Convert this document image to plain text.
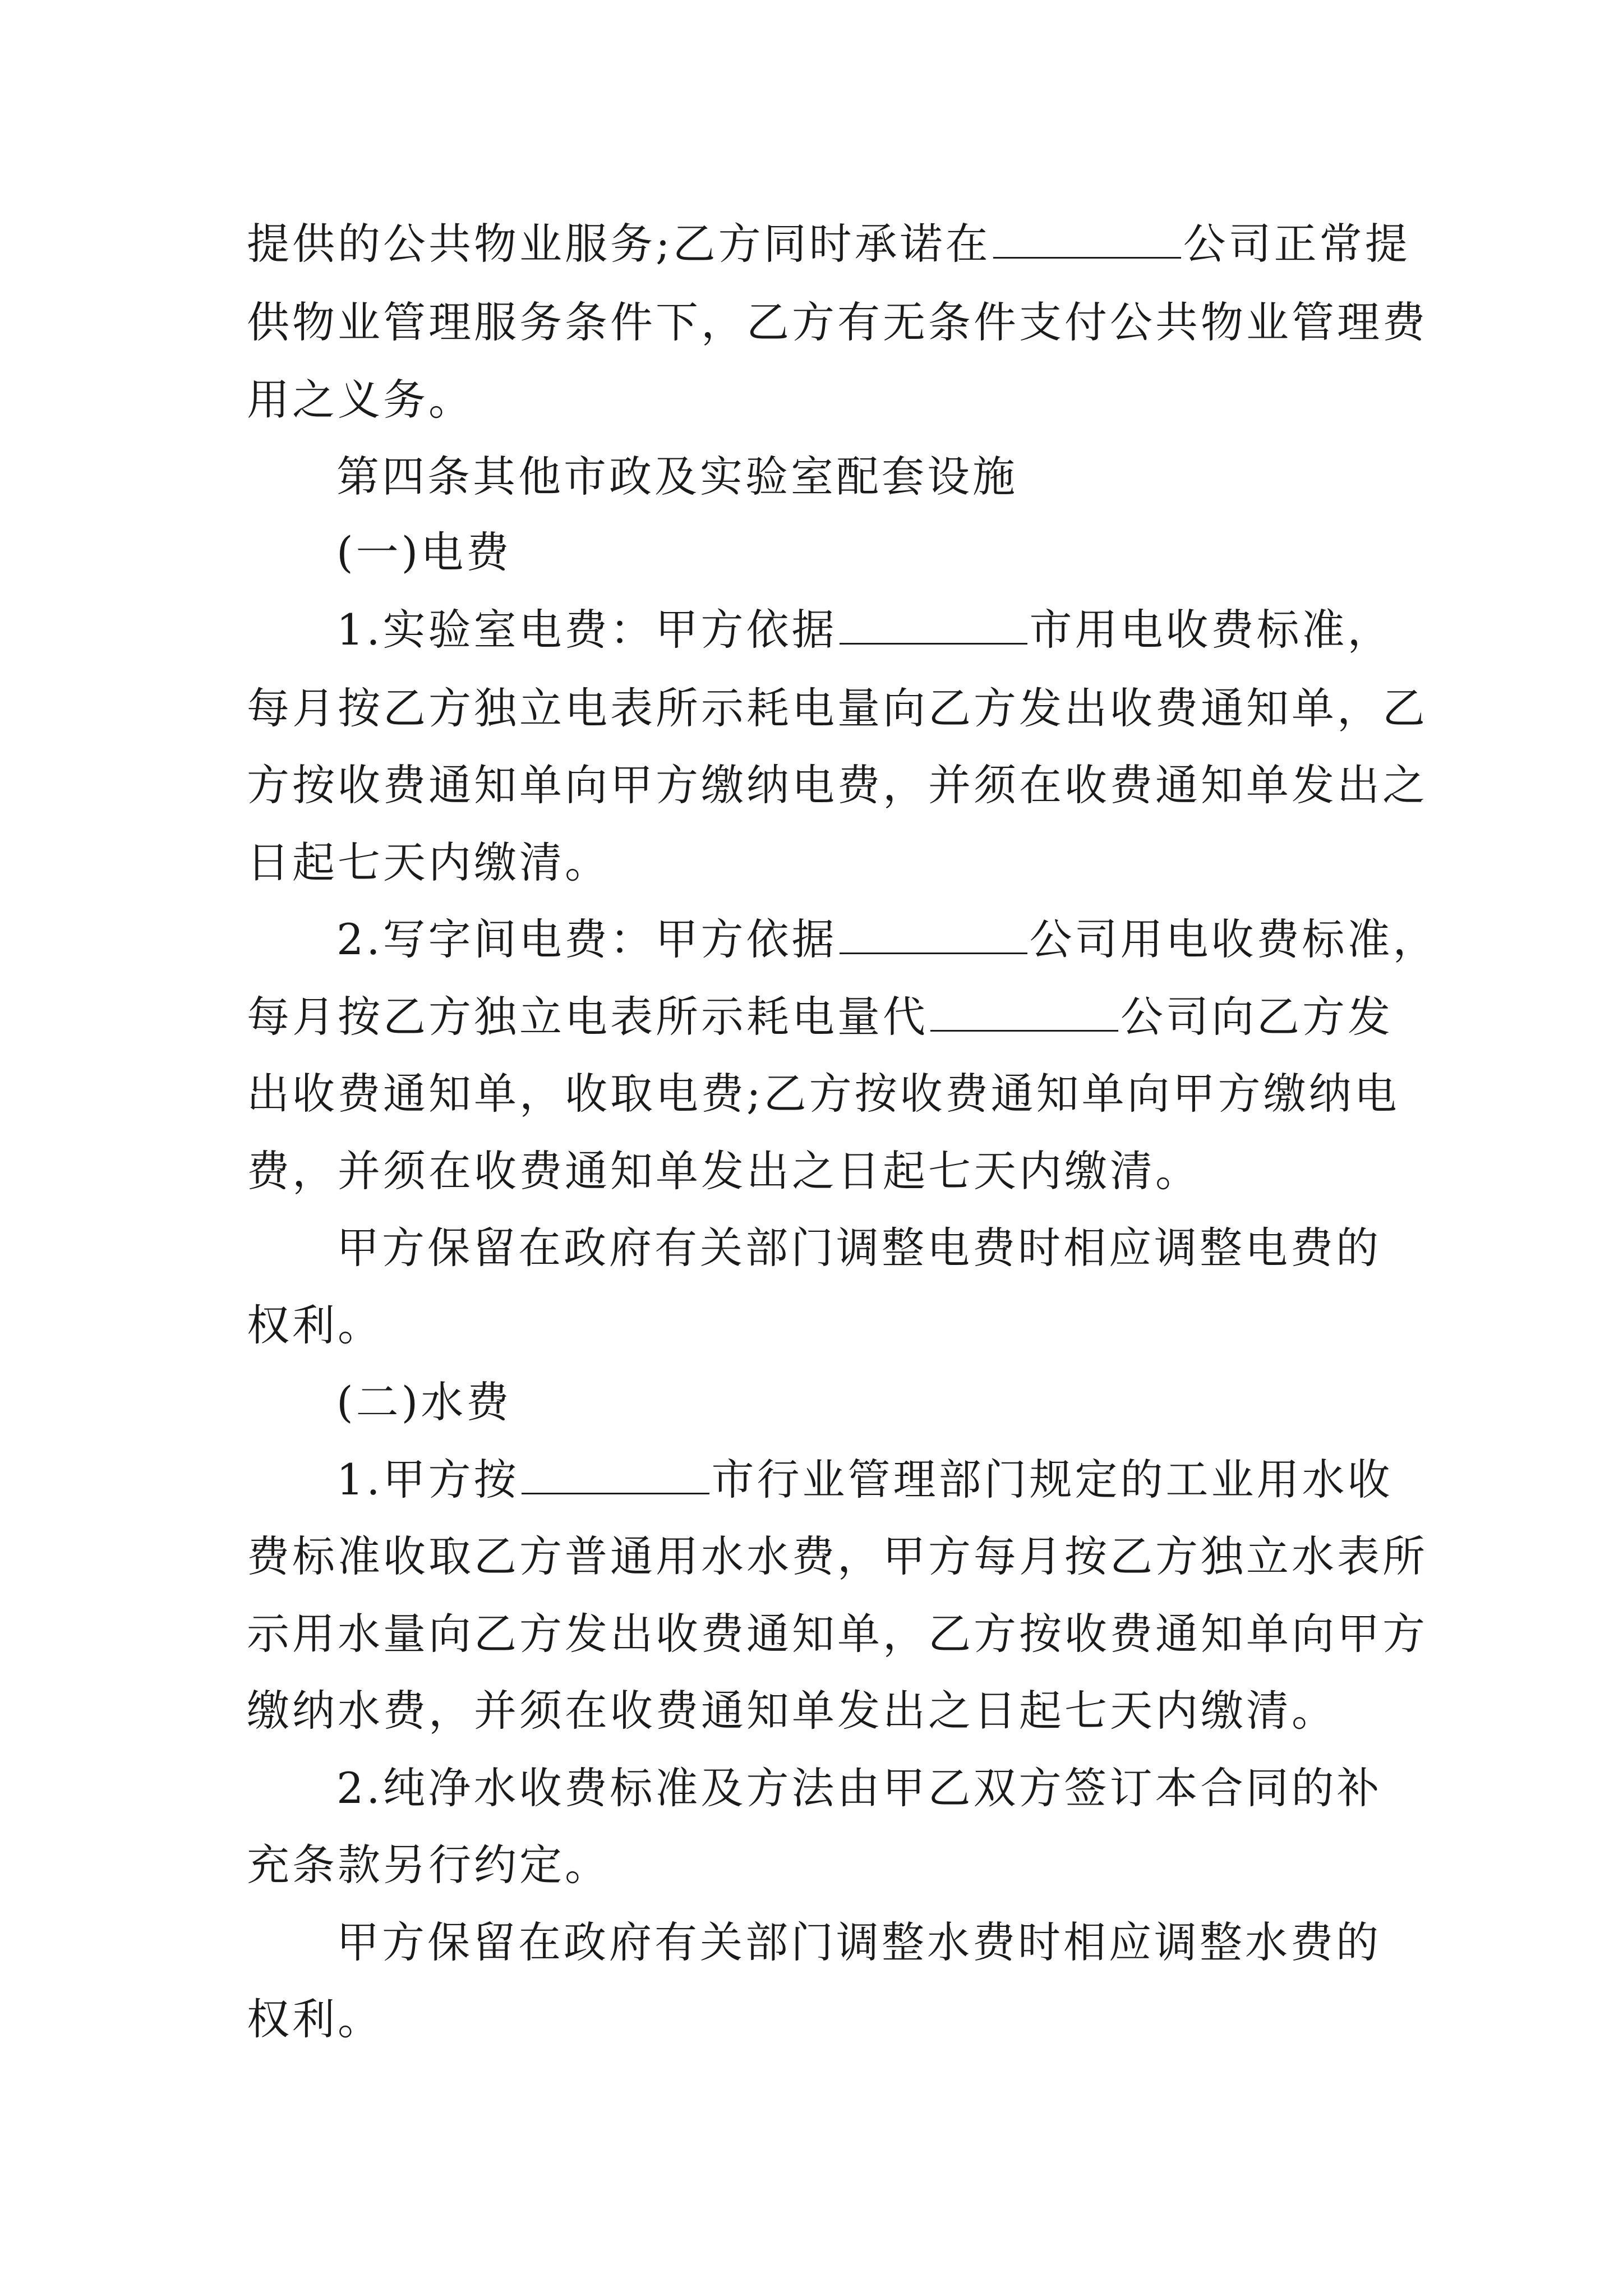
提供的公共物业服务;乙方同时承诺在	公司正常提
供物业管理服务条件下，乙方有无条件支付公共物业管理费
用之义务。
第四条其他市政及实验室配套设施
(一)电费
1.实验室电费：甲方依据	市用电收费标准，
每月按乙方独立电表所示耗电量向乙方发出收费通知单，乙
方按收费通知单向甲方缴纳电费，并须在收费通知单发出之
日起七天内缴清。
2.写字间电费：甲方依据	公司用电收费标准，
每月按乙方独立电表所示耗电量代	公司向乙方发
出收费通知单，收取电费;乙方按收费通知单向甲方缴纳电
费，并须在收费通知单发出之日起七天内缴清。
甲方保留在政府有关部门调整电费时相应调整电费的
权利。
(二)水费
1.甲方按	市行业管理部门规定的工业用水收
费标准收取乙方普通用水水费，甲方每月按乙方独立水表所
示用水量向乙方发出收费通知单，乙方按收费通知单向甲方
缴纳水费，并须在收费通知单发出之日起七天内缴清。
2.纯净水收费标准及方法由甲乙双方签订本合同的补
充条款另行约定。
甲方保留在政府有关部门调整水费时相应调整水费的
权利。
